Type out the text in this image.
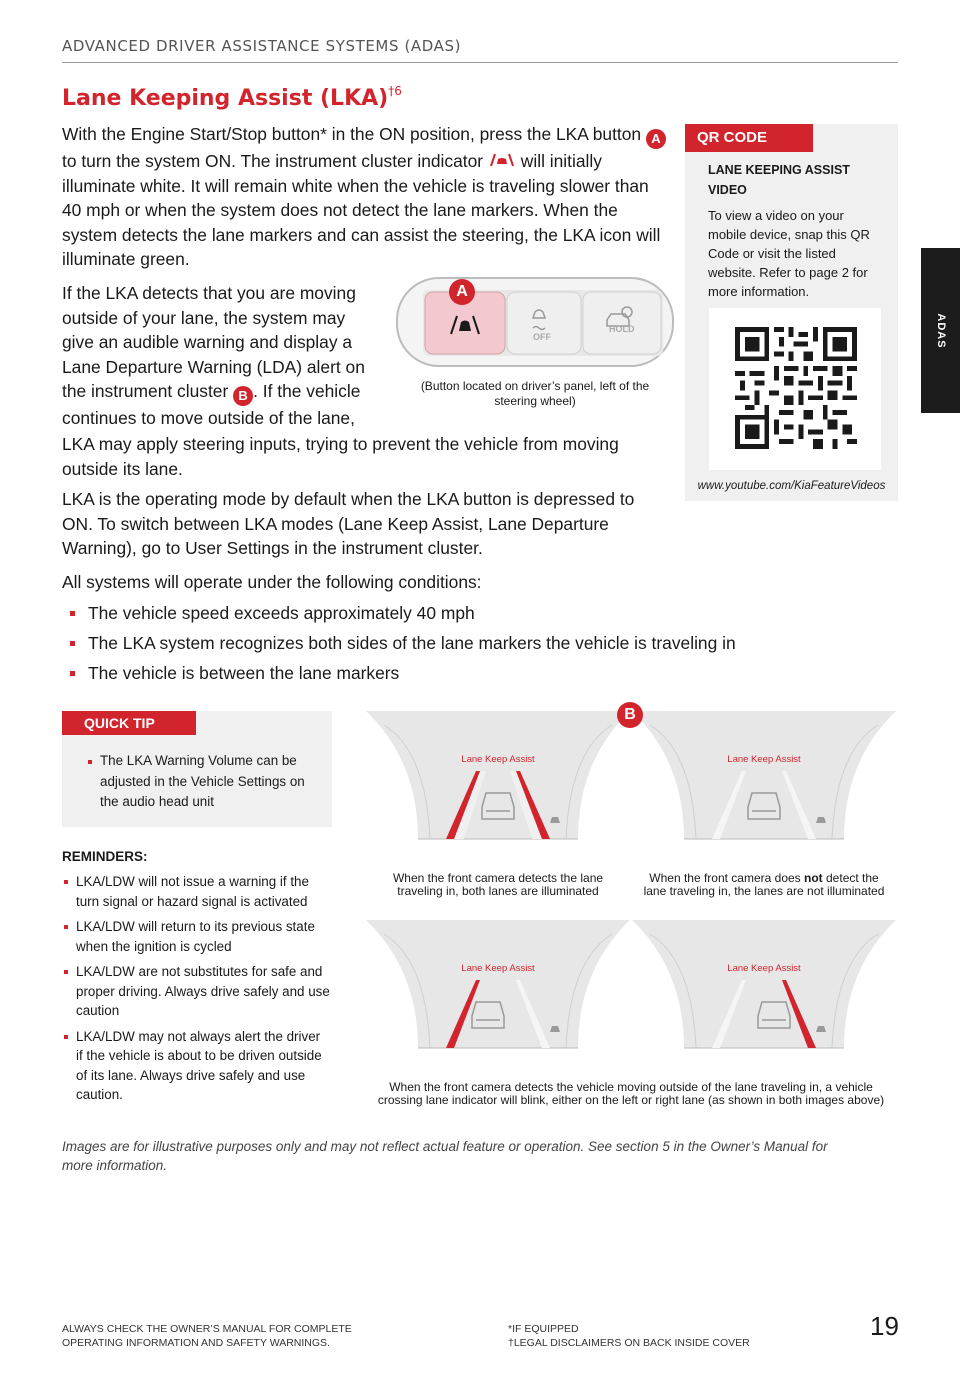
ADVANCED DRIVER ASSISTANCE SYSTEMS (ADAS)
ADAS
Lane Keeping Assist (LKA)$^{\dagger 6}$

With the Engine Start/Stop button* in the ON position, press the LKA button A to turn the system ON. The instrument cluster indicator will initially illuminate white. It will remain white when the vehicle is traveling slower than 40 mph or when the system does not detect the lane markers. When the system detects the lane markers and can assist the steering, the LKA icon will illuminate green.

If the LKA detects that you are moving outside of your lane, the system may give an audible warning and display a Lane Departure Warning (LDA) alert on the instrument cluster B . If the vehicle continues to move outside of the lane,

LKA may apply steering inputs, trying to prevent the vehicle from moving outside its lane.

LKA is the operating mode by default when the LKA button is depressed to ON. To switch between LKA modes (Lane Keep Assist, Lane Departure Warning), go to User Settings in the instrument cluster.

All systems will operate under the following conditions:

The vehicle speed exceeds approximately 40 mph
The LKA system recognizes both sides of the lane markers the vehicle is traveling in
The vehicle is between the lane markers
QR CODE
LANE KEEPING ASSIST VIDEO
To view a video on your mobile device, snap this QR Code or visit the listed website. Refer to page 2 for more information.
www.youtube.com/KiaFeatureVideos
OFF
HOLD
A
(Button located on driver’s panel, left of the steering wheel)
QUICK TIP
The LKA Warning Volume can be adjusted in the Vehicle Settings on the audio head unit
REMINDERS:
LKA/LDW will not issue a warning if the turn signal or hazard signal is activated
LKA/LDW will return to its previous state when the ignition is cycled
LKA/LDW are not substitutes for safe and proper driving. Always drive safely and use caution
LKA/LDW may not always alert the driver if the vehicle is about to be driven outside of its lane. Always drive safely and use caution.
Lane Keep Assist
When the front camera detects the lane traveling in, both lanes are illuminated
Lane Keep Assist
When the front camera does not detect the lane traveling in, the lanes are not illuminated
B
Lane Keep Assist	Lane Keep Assist
When the front camera detects the vehicle moving outside of the lane traveling in, a vehicle crossing lane indicator will blink, either on the left or right lane (as shown in both images above)
Images are for illustrative purposes only and may not reflect actual feature or operation. See section 5 in the Owner’s Manual for more information.
ALWAYS CHECK THE OWNER’S MANUAL FOR COMPLETE
OPERATING INFORMATION AND SAFETY WARNINGS.
*IF EQUIPPED
†LEGAL DISCLAIMERS ON BACK INSIDE COVER
19
